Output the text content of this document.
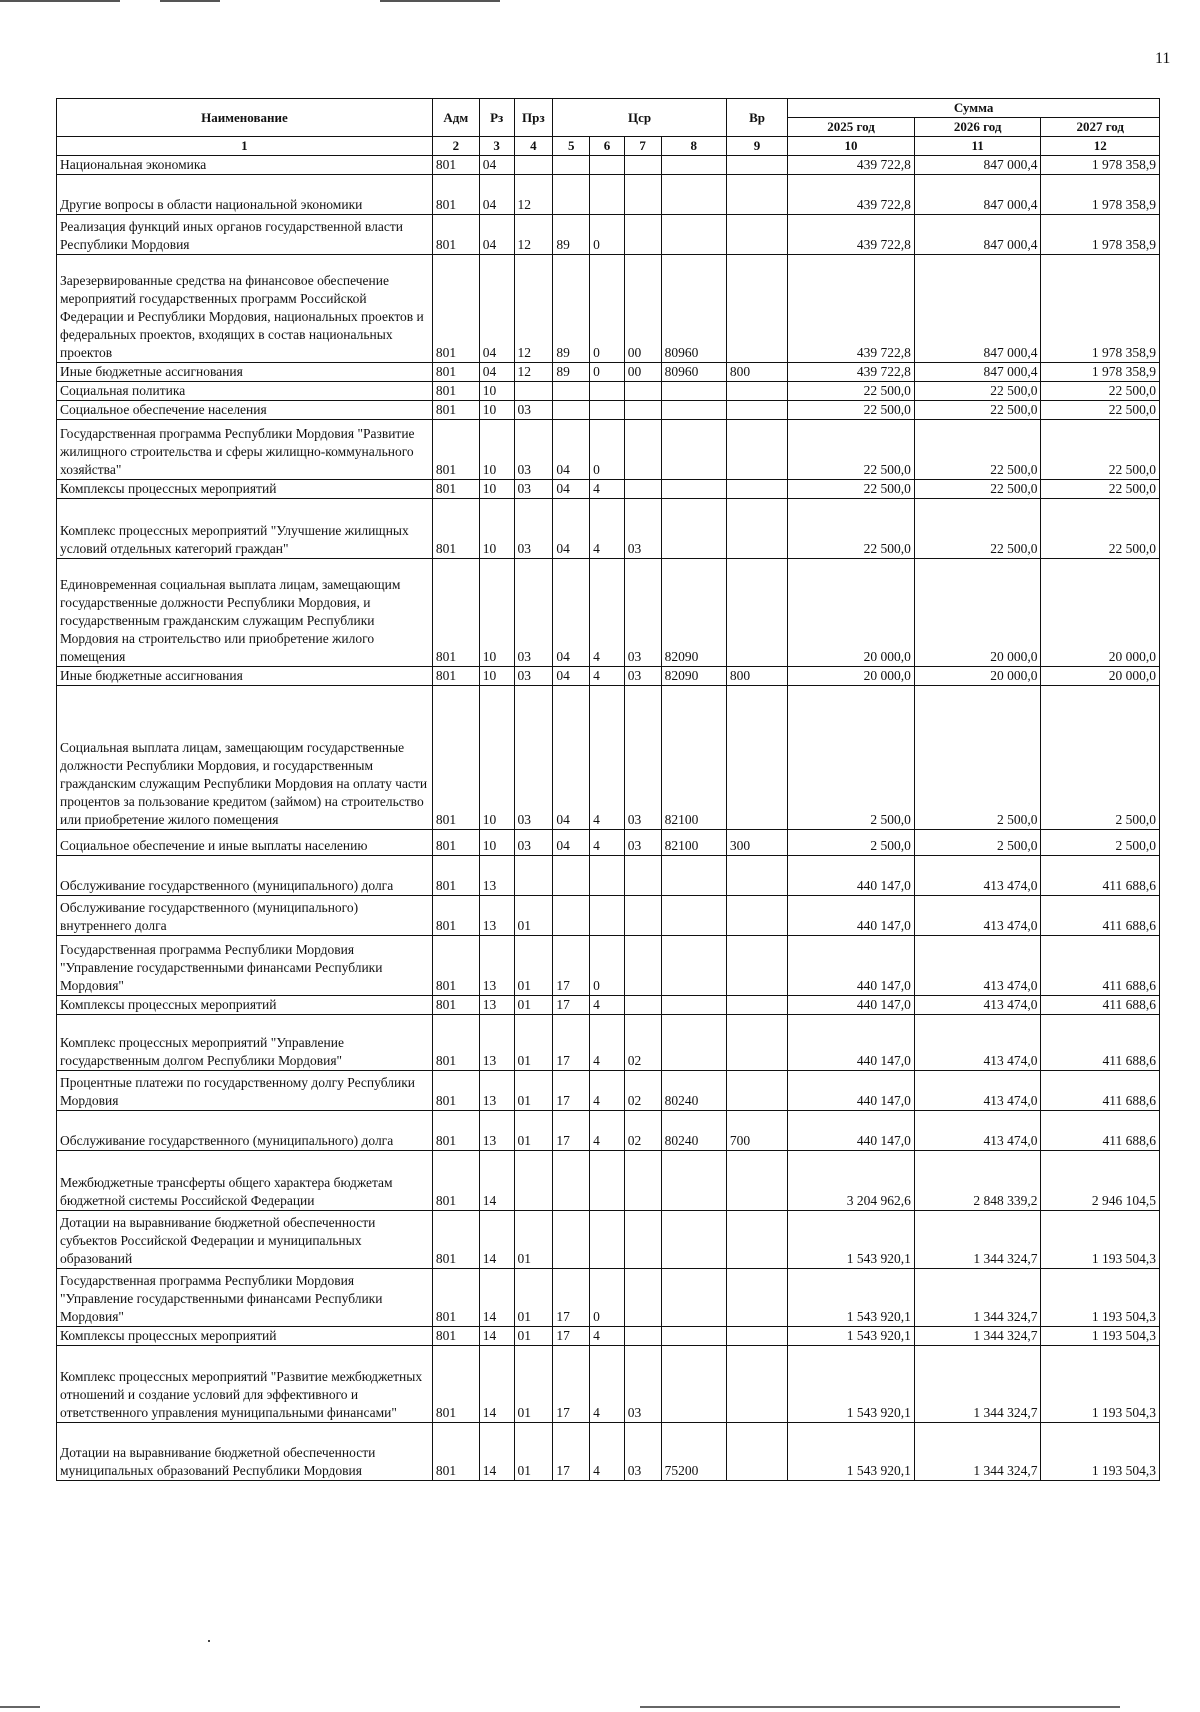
11
Наименование	Адм	Рз	Прз	Цср				Вр	Сумма		
									2025 год	2026 год	2027 год
1	2	3	4	5	6	7	8	9	10	11	12
Национальная экономика	801	04							439 722,8	847 000,4	1 978 358,9
Другие вопросы в области национальной экономики	801	04	12						439 722,8	847 000,4	1 978 358,9
Реализация функций иных органов государственной власти Республики Мордовия	801	04	12	89	0				439 722,8	847 000,4	1 978 358,9
Зарезервированные средства на финансовое обеспечение мероприятий государственных программ Российской Федерации и Республики Мордовия, национальных проектов и федеральных проектов, входящих в состав национальных проектов	801	04	12	89	0	00	80960		439 722,8	847 000,4	1 978 358,9
Иные бюджетные ассигнования	801	04	12	89	0	00	80960	800	439 722,8	847 000,4	1 978 358,9
Социальная политика	801	10							22 500,0	22 500,0	22 500,0
Социальное обеспечение населения	801	10	03						22 500,0	22 500,0	22 500,0
Государственная программа Республики Мордовия "Развитие жилищного строительства и сферы жилищно-коммунального хозяйства"	801	10	03	04	0				22 500,0	22 500,0	22 500,0
Комплексы процессных мероприятий	801	10	03	04	4				22 500,0	22 500,0	22 500,0
Комплекс процессных мероприятий "Улучшение жилищных условий отдельных категорий граждан"	801	10	03	04	4	03			22 500,0	22 500,0	22 500,0
Единовременная социальная выплата лицам, замещающим государственные должности Республики Мордовия, и государственным гражданским служащим Республики Мордовия на строительство или приобретение жилого помещения	801	10	03	04	4	03	82090		20 000,0	20 000,0	20 000,0
Иные бюджетные ассигнования	801	10	03	04	4	03	82090	800	20 000,0	20 000,0	20 000,0
Социальная выплата лицам, замещающим государственные должности Республики Мордовия, и государственным гражданским служащим Республики Мордовия на оплату части процентов за пользование кредитом (займом) на строительство или приобретение жилого помещения	801	10	03	04	4	03	82100		2 500,0	2 500,0	2 500,0
Социальное обеспечение и иные выплаты населению	801	10	03	04	4	03	82100	300	2 500,0	2 500,0	2 500,0
Обслуживание государственного (муниципального) долга	801	13							440 147,0	413 474,0	411 688,6
Обслуживание государственного (муниципального) внутреннего долга	801	13	01						440 147,0	413 474,0	411 688,6
Государственная программа Республики Мордовия "Управление государственными финансами Республики Мордовия"	801	13	01	17	0				440 147,0	413 474,0	411 688,6
Комплексы процессных мероприятий	801	13	01	17	4				440 147,0	413 474,0	411 688,6
Комплекс процессных мероприятий "Управление государственным долгом Республики Мордовия"	801	13	01	17	4	02			440 147,0	413 474,0	411 688,6
Процентные платежи по государственному долгу Республики Мордовия	801	13	01	17	4	02	80240		440 147,0	413 474,0	411 688,6
Обслуживание государственного (муниципального) долга	801	13	01	17	4	02	80240	700	440 147,0	413 474,0	411 688,6
Межбюджетные трансферты общего характера бюджетам бюджетной системы Российской Федерации	801	14							3 204 962,6	2 848 339,2	2 946 104,5
Дотации на выравнивание бюджетной обеспеченности субъектов Российской Федерации и муниципальных образований	801	14	01						1 543 920,1	1 344 324,7	1 193 504,3
Государственная программа Республики Мордовия "Управление государственными финансами Республики Мордовия"	801	14	01	17	0				1 543 920,1	1 344 324,7	1 193 504,3
Комплексы процессных мероприятий	801	14	01	17	4				1 543 920,1	1 344 324,7	1 193 504,3
Комплекс процессных мероприятий "Развитие межбюджетных отношений и создание условий для эффективного и ответственного управления муниципальными финансами"	801	14	01	17	4	03			1 543 920,1	1 344 324,7	1 193 504,3
Дотации на выравнивание бюджетной обеспеченности муниципальных образований Республики Мордовия	801	14	01	17	4	03	75200		1 543 920,1	1 344 324,7	1 193 504,3
